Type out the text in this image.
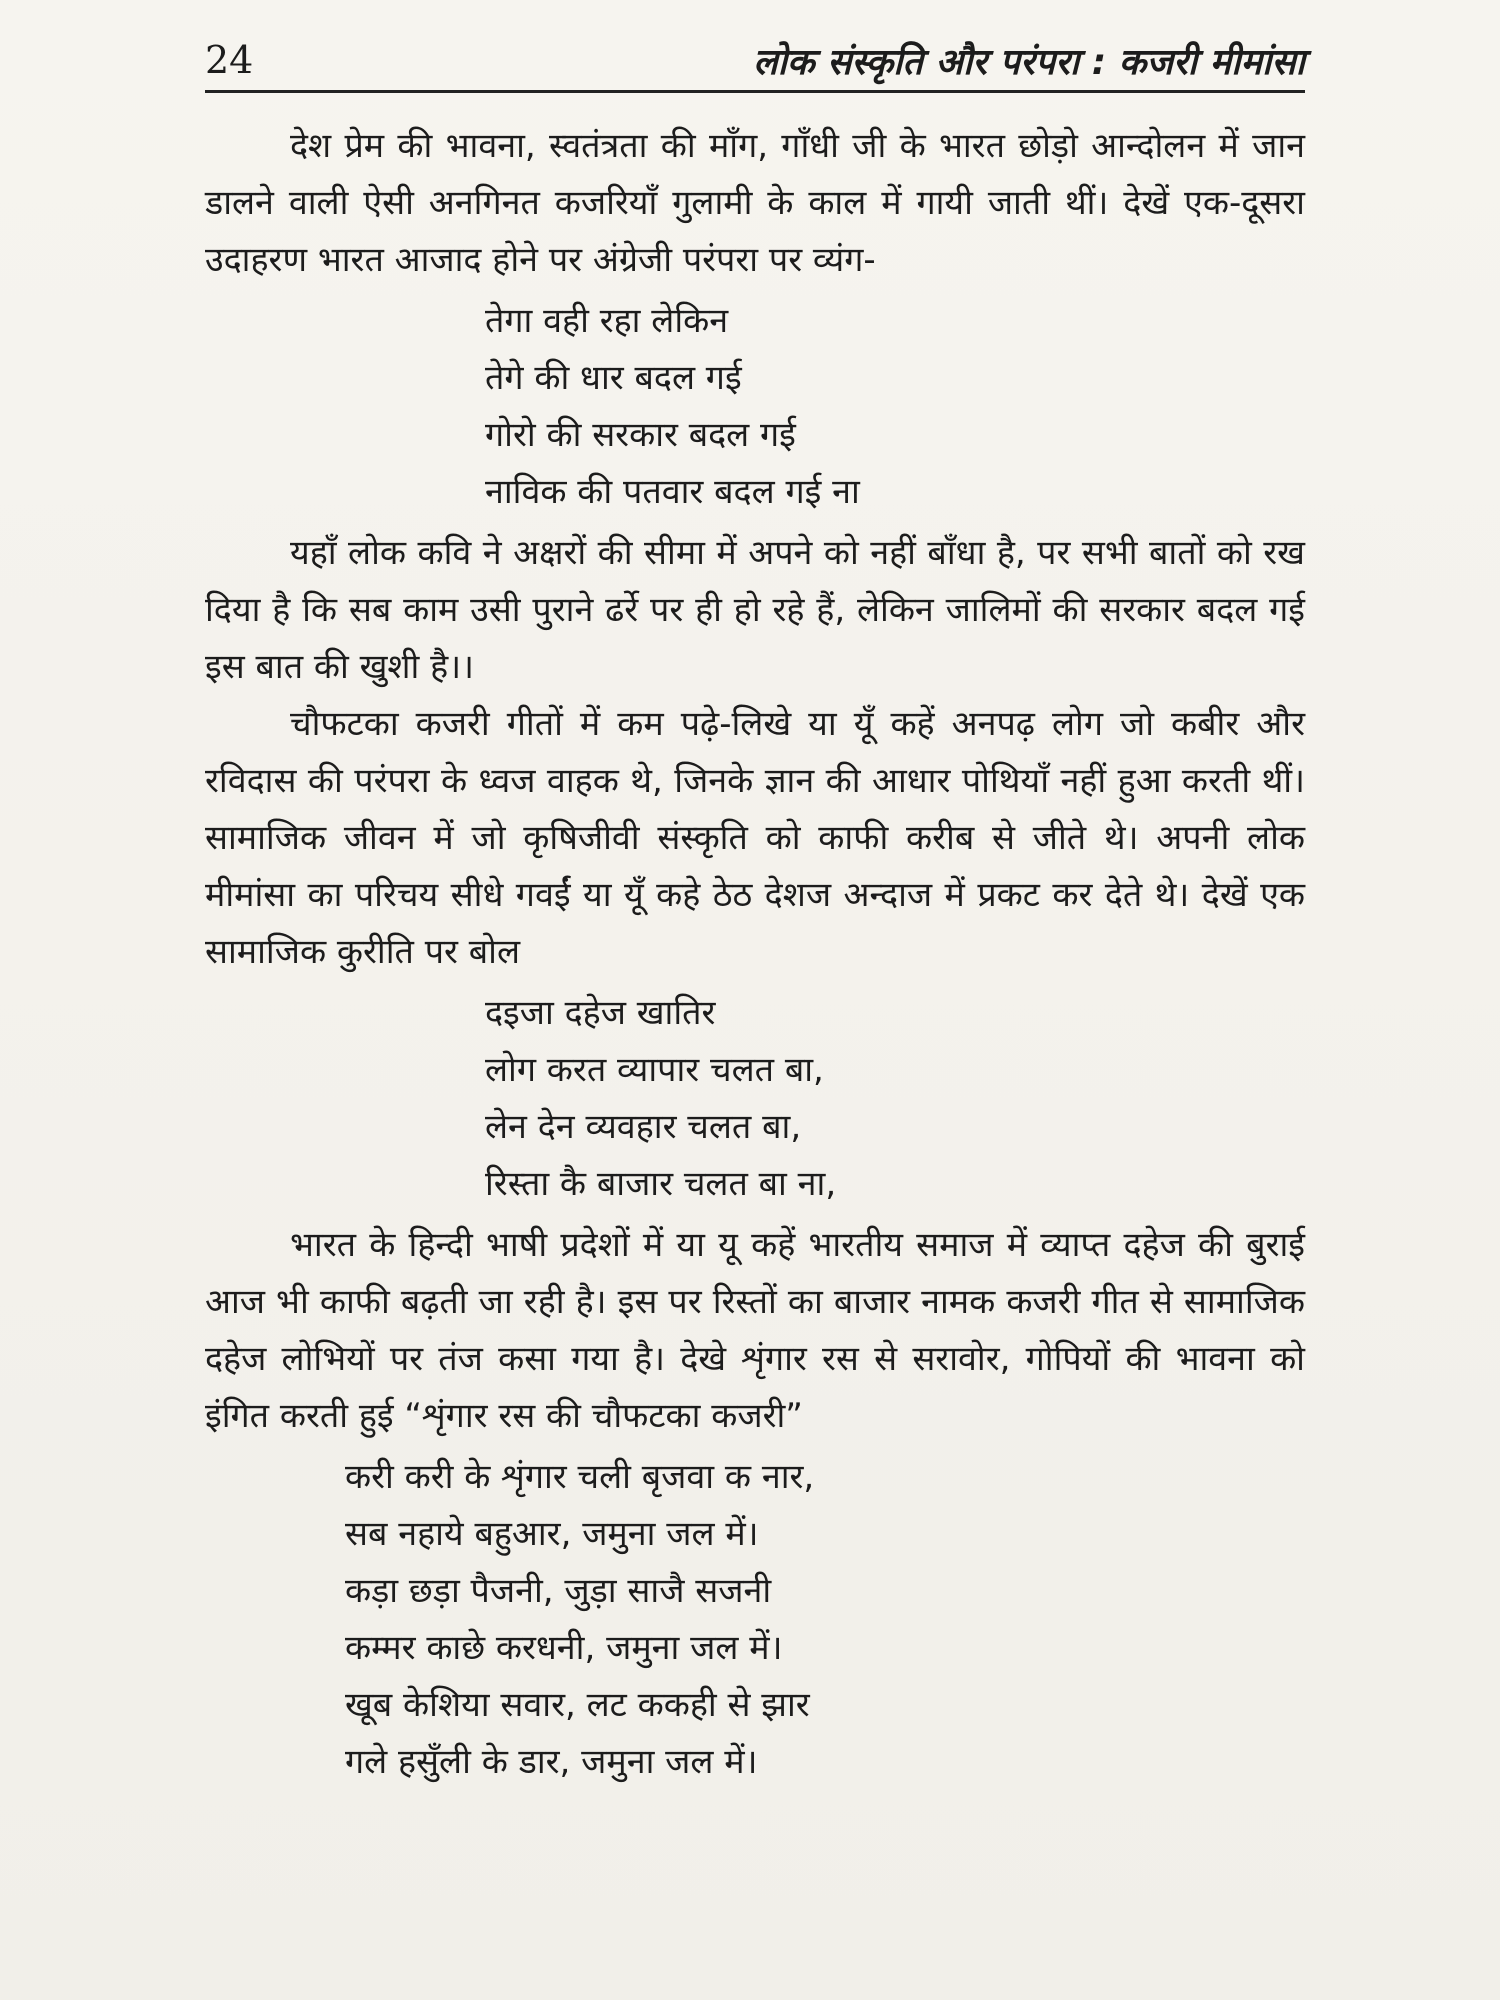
24	लोक संस्कृति और परंपरा : कजरी मीमांसा

देश प्रेम की भावना, स्वतंत्रता की माँग, गाँधी जी के भारत छोड़ो आन्दोलन में जान डालने वाली ऐसी अनगिनत कजरियाँ गुलामी के काल में गायी जाती थीं। देखें एक-दूसरा उदाहरण भारत आजाद होने पर अंग्रेजी परंपरा पर व्यंग-

तेगा वही रहा लेकिन
तेगे की धार बदल गई
गोरो की सरकार बदल गई
नाविक की पतवार बदल गई ना

यहाँ लोक कवि ने अक्षरों की सीमा में अपने को नहीं बाँधा है, पर सभी बातों को रख दिया है कि सब काम उसी पुराने ढर्रे पर ही हो रहे हैं, लेकिन जालिमों की सरकार बदल गई इस बात की खुशी है।।

चौफटका कजरी गीतों में कम पढ़े-लिखे या यूँ कहें अनपढ़ लोग जो कबीर और रविदास की परंपरा के ध्वज वाहक थे, जिनके ज्ञान की आधार पोथियाँ नहीं हुआ करती थीं। सामाजिक जीवन में जो कृषिजीवी संस्कृति को काफी करीब से जीते थे। अपनी लोक मीमांसा का परिचय सीधे गवईं या यूँ कहे ठेठ देशज अन्दाज में प्रकट कर देते थे। देखें एक सामाजिक कुरीति पर बोल

दइजा दहेज खातिर
लोग करत व्यापार चलत बा,
लेन देन व्यवहार चलत बा,
रिस्ता कै बाजार चलत बा ना,

भारत के हिन्दी भाषी प्रदेशों में या यू कहें भारतीय समाज में व्याप्त दहेज की बुराई आज भी काफी बढ़ती जा रही है। इस पर रिस्तों का बाजार नामक कजरी गीत से सामाजिक दहेज लोभियों पर तंज कसा गया है। देखे शृंगार रस से सरावोर, गोपियों की भावना को इंगित करती हुई “शृंगार रस की चौफटका कजरी”

करी करी के शृंगार चली बृजवा क नार,
सब नहाये बहुआर, जमुना जल में।
कड़ा छड़ा पैजनी, जुड़ा साजै सजनी
कम्मर काछे करधनी, जमुना जल में।
खूब केशिया सवार, लट ककही से झार
गले हसुँली के डार, जमुना जल में।
